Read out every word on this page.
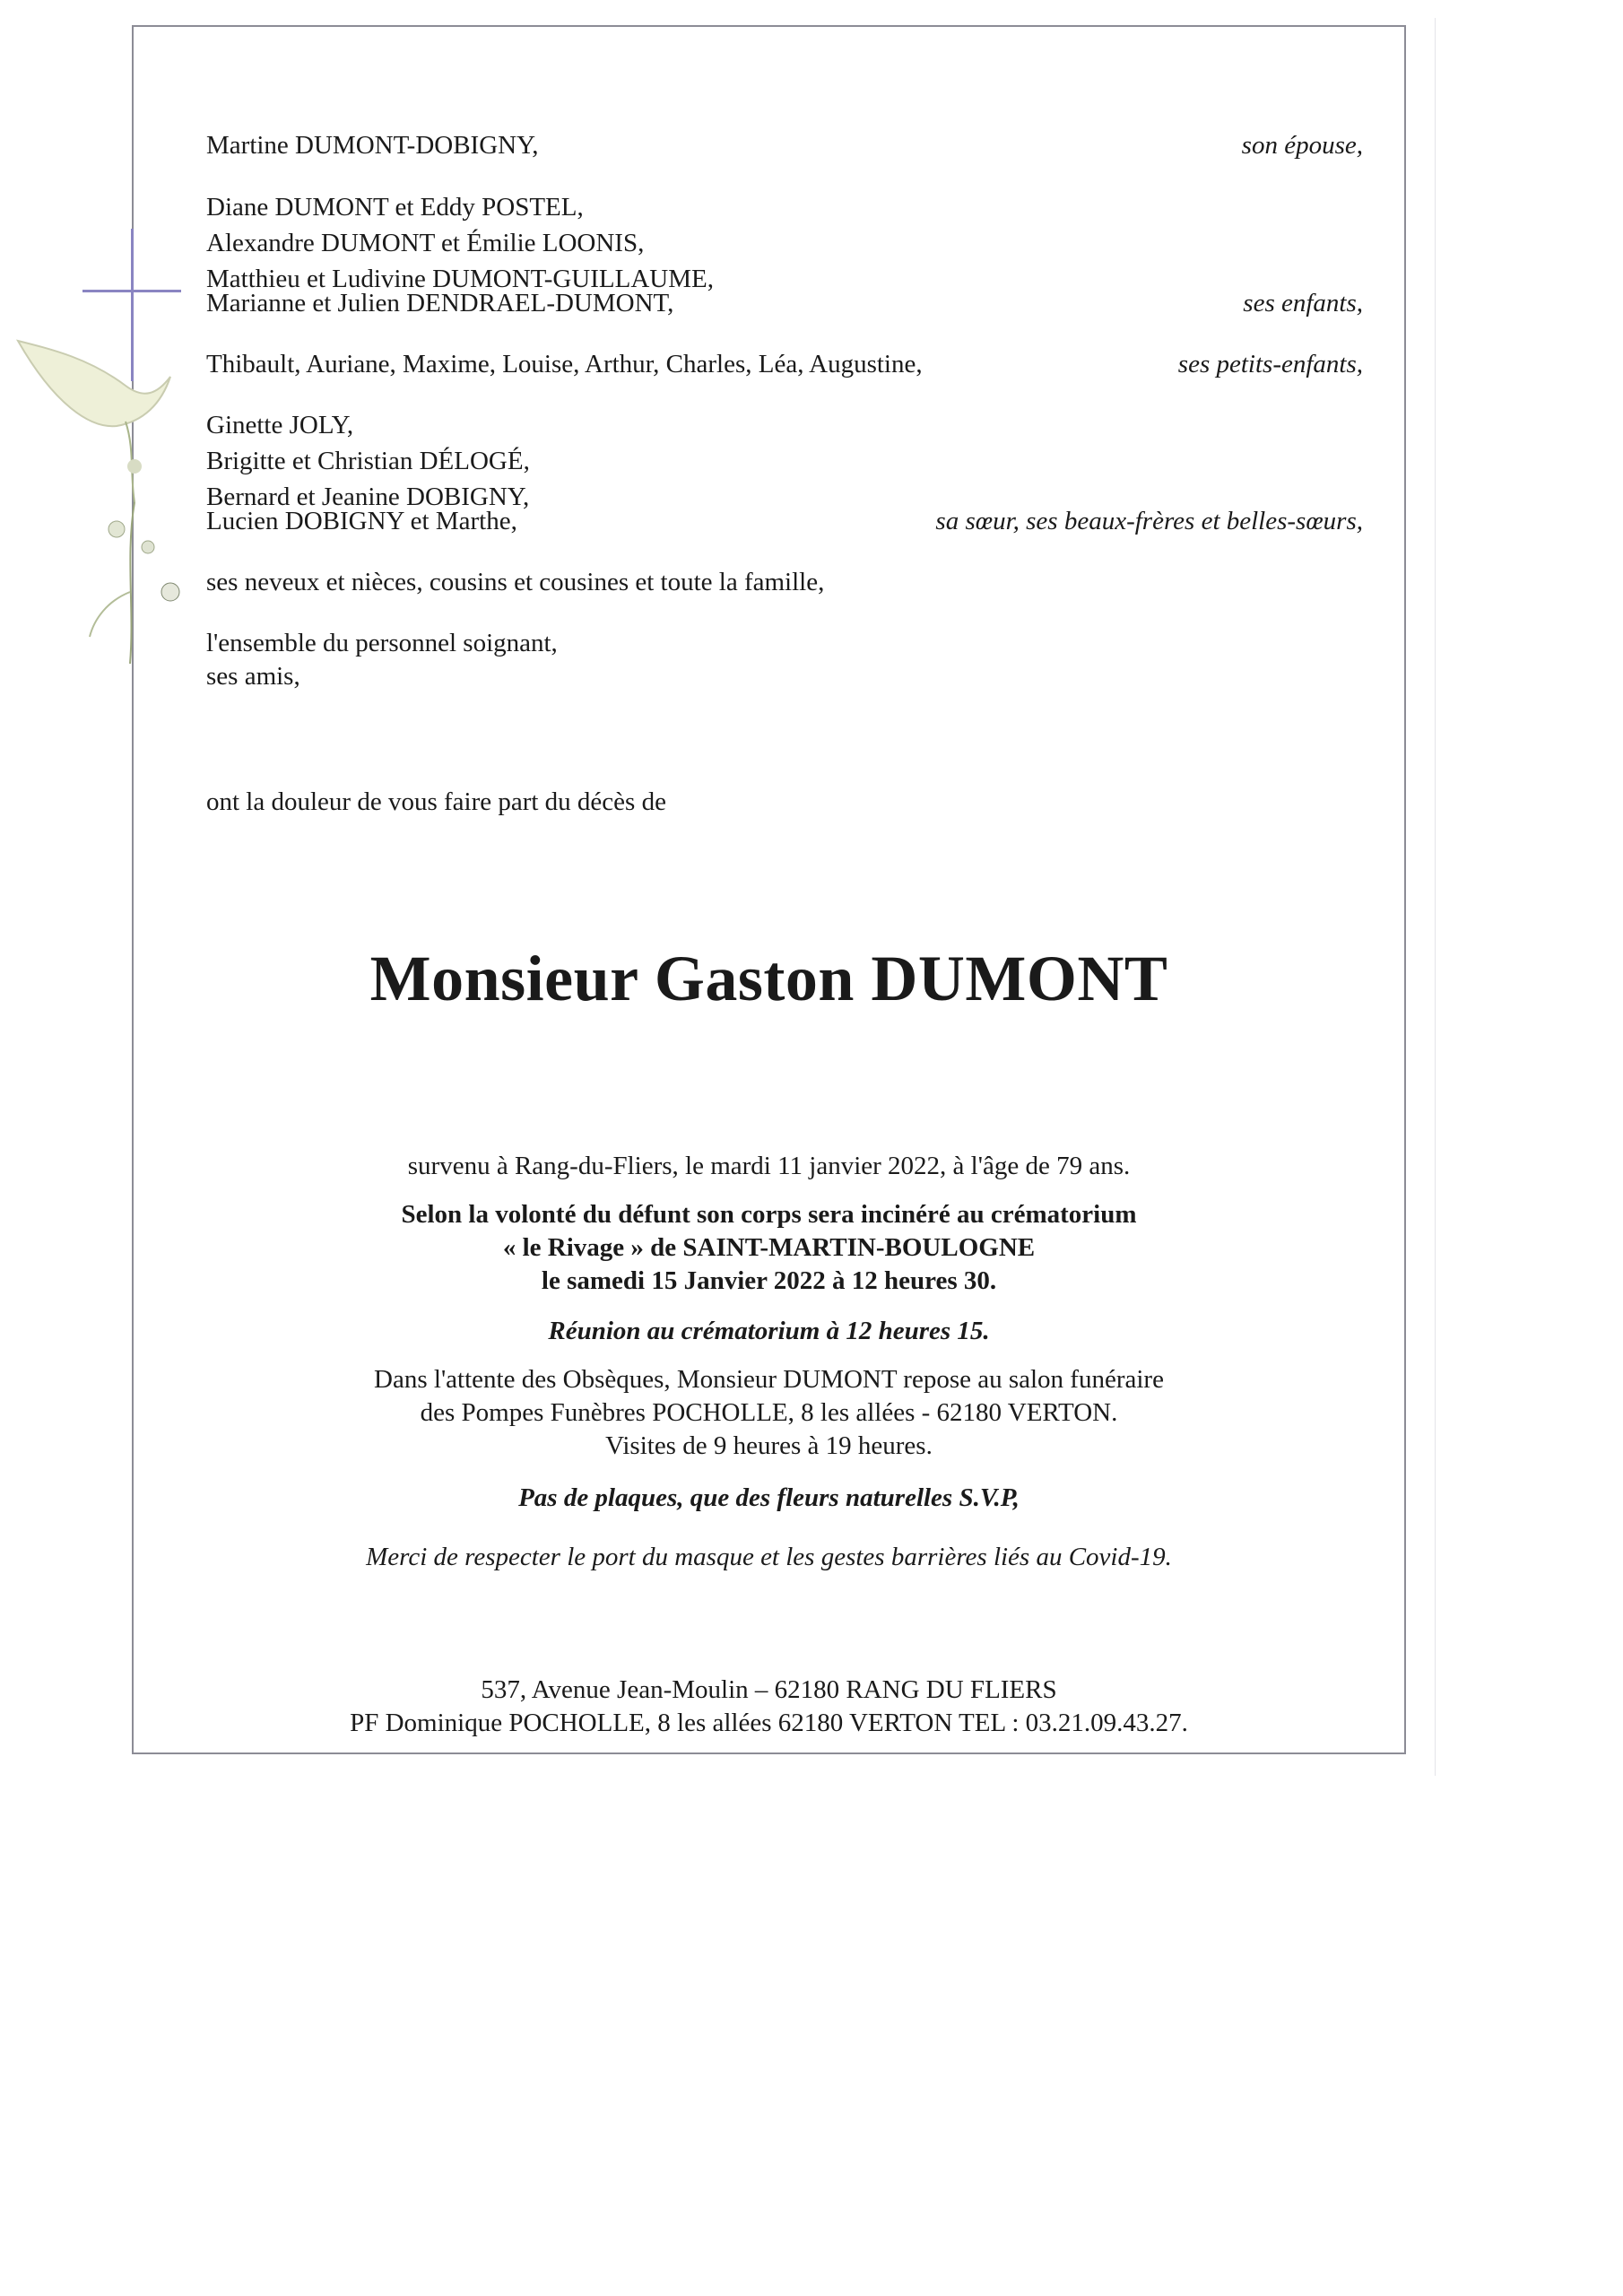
Martine DUMONT-DOBIGNY,	son épouse,
Diane DUMONT et Eddy POSTEL,
Alexandre DUMONT et Émilie LOONIS,
Matthieu et Ludivine DUMONT-GUILLAUME,
Marianne et Julien DENDRAEL-DUMONT,	ses enfants,
Thibault, Auriane, Maxime, Louise, Arthur, Charles, Léa, Augustine,	ses petits-enfants,
Ginette JOLY,
Brigitte et Christian DÉLOGÉ,
Bernard et Jeanine DOBIGNY,
Lucien DOBIGNY et Marthe,	sa sœur, ses beaux-frères et belles-sœurs,
ses neveux et nièces, cousins et cousines et toute la famille,
l'ensemble du personnel soignant,
ses amis,
ont la douleur de vous faire part du décès de
Monsieur Gaston DUMONT
survenu à Rang-du-Fliers, le mardi 11 janvier 2022, à l'âge de 79 ans.
Selon la volonté du défunt son corps sera incinéré au crématorium
« le Rivage » de SAINT-MARTIN-BOULOGNE
le samedi 15 Janvier 2022 à 12 heures 30.
Réunion au crématorium à 12 heures 15.
Dans l'attente des Obsèques, Monsieur DUMONT repose au salon funéraire
des Pompes Funèbres POCHOLLE, 8 les allées - 62180 VERTON.
Visites de 9 heures à 19 heures.
Pas de plaques, que des fleurs naturelles S.V.P,
Merci de respecter le port du masque et les gestes barrières liés au Covid-19.
537, Avenue Jean-Moulin – 62180 RANG DU FLIERS
PF Dominique POCHOLLE, 8 les allées 62180 VERTON TEL : 03.21.09.43.27.
